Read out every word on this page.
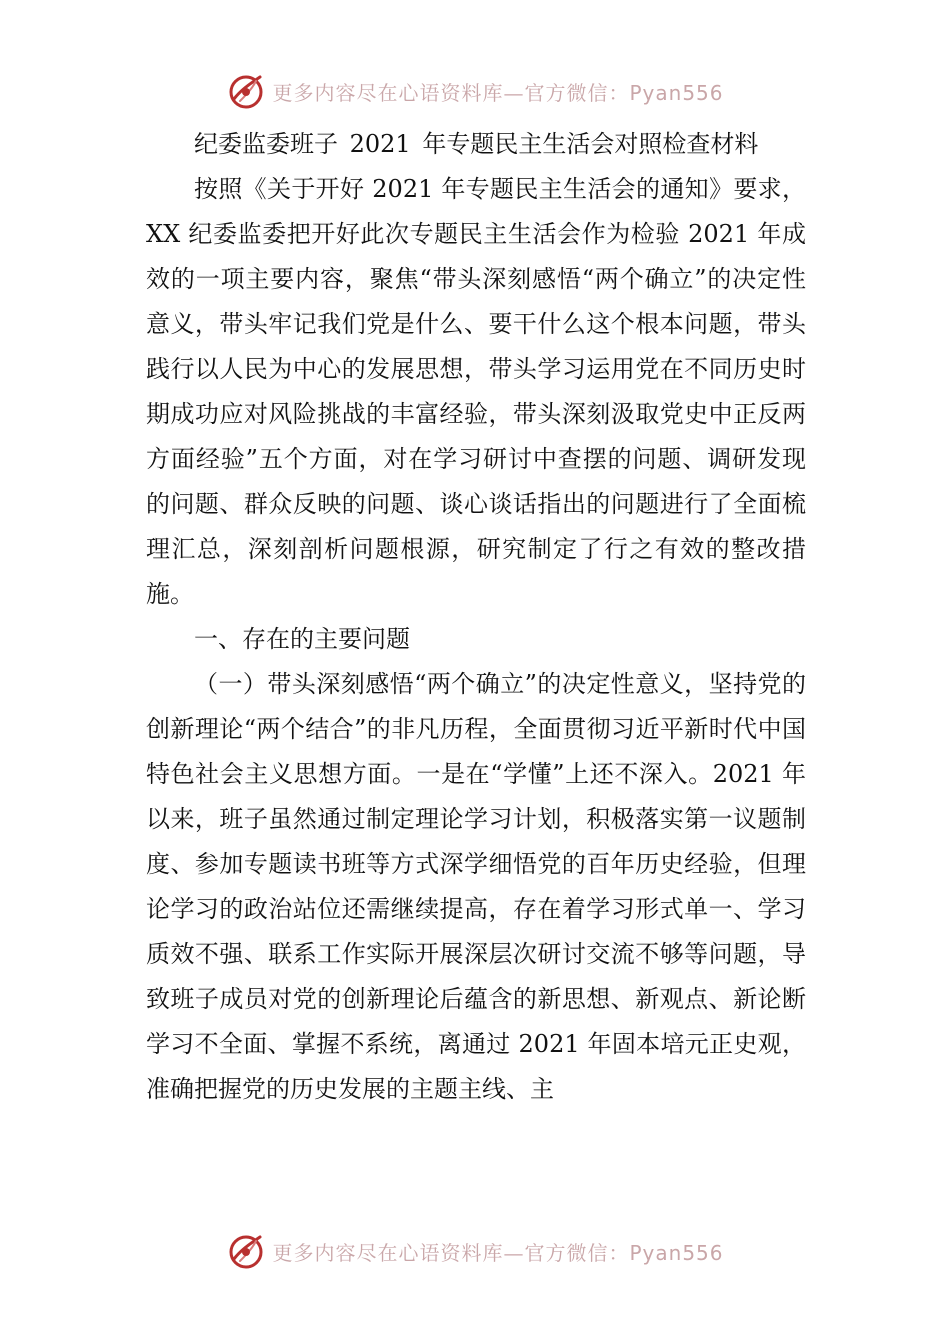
更多内容尽在心语资料库—官方微信：Pyan556

纪委监委班子 2021 年专题民主生活会对照检查材料

按照《关于开好 2021 年专题民主生活会的通知》要求，XX 纪委监委把开好此次专题民主生活会作为检验 2021 年成效的一项主要内容，聚焦“带头深刻感悟“两个确立”的决定性意义，带头牢记我们党是什么、要干什么这个根本问题，带头践行以人民为中心的发展思想，带头学习运用党在不同历史时期成功应对风险挑战的丰富经验，带头深刻汲取党史中正反两方面经验”五个方面，对在学习研讨中查摆的问题、调研发现的问题、群众反映的问题、谈心谈话指出的问题进行了全面梳理汇总，深刻剖析问题根源，研究制定了行之有效的整改措施。

一、存在的主要问题

（一）带头深刻感悟“两个确立”的决定性意义，坚持党的创新理论“两个结合”的非凡历程，全面贯彻习近平新时代中国特色社会主义思想方面。一是在“学懂”上还不深入。2021 年以来，班子虽然通过制定理论学习计划，积极落实第一议题制度、参加专题读书班等方式深学细悟党的百年历史经验，但理论学习的政治站位还需继续提高，存在着学习形式单一、学习质效不强、联系工作实际开展深层次研讨交流不够等问题，导致班子成员对党的创新理论后蕴含的新思想、新观点、新论断学习不全面、掌握不系统，离通过 2021 年固本培元正史观，准确把握党的历史发展的主题主线、主

更多内容尽在心语资料库—官方微信：Pyan556
